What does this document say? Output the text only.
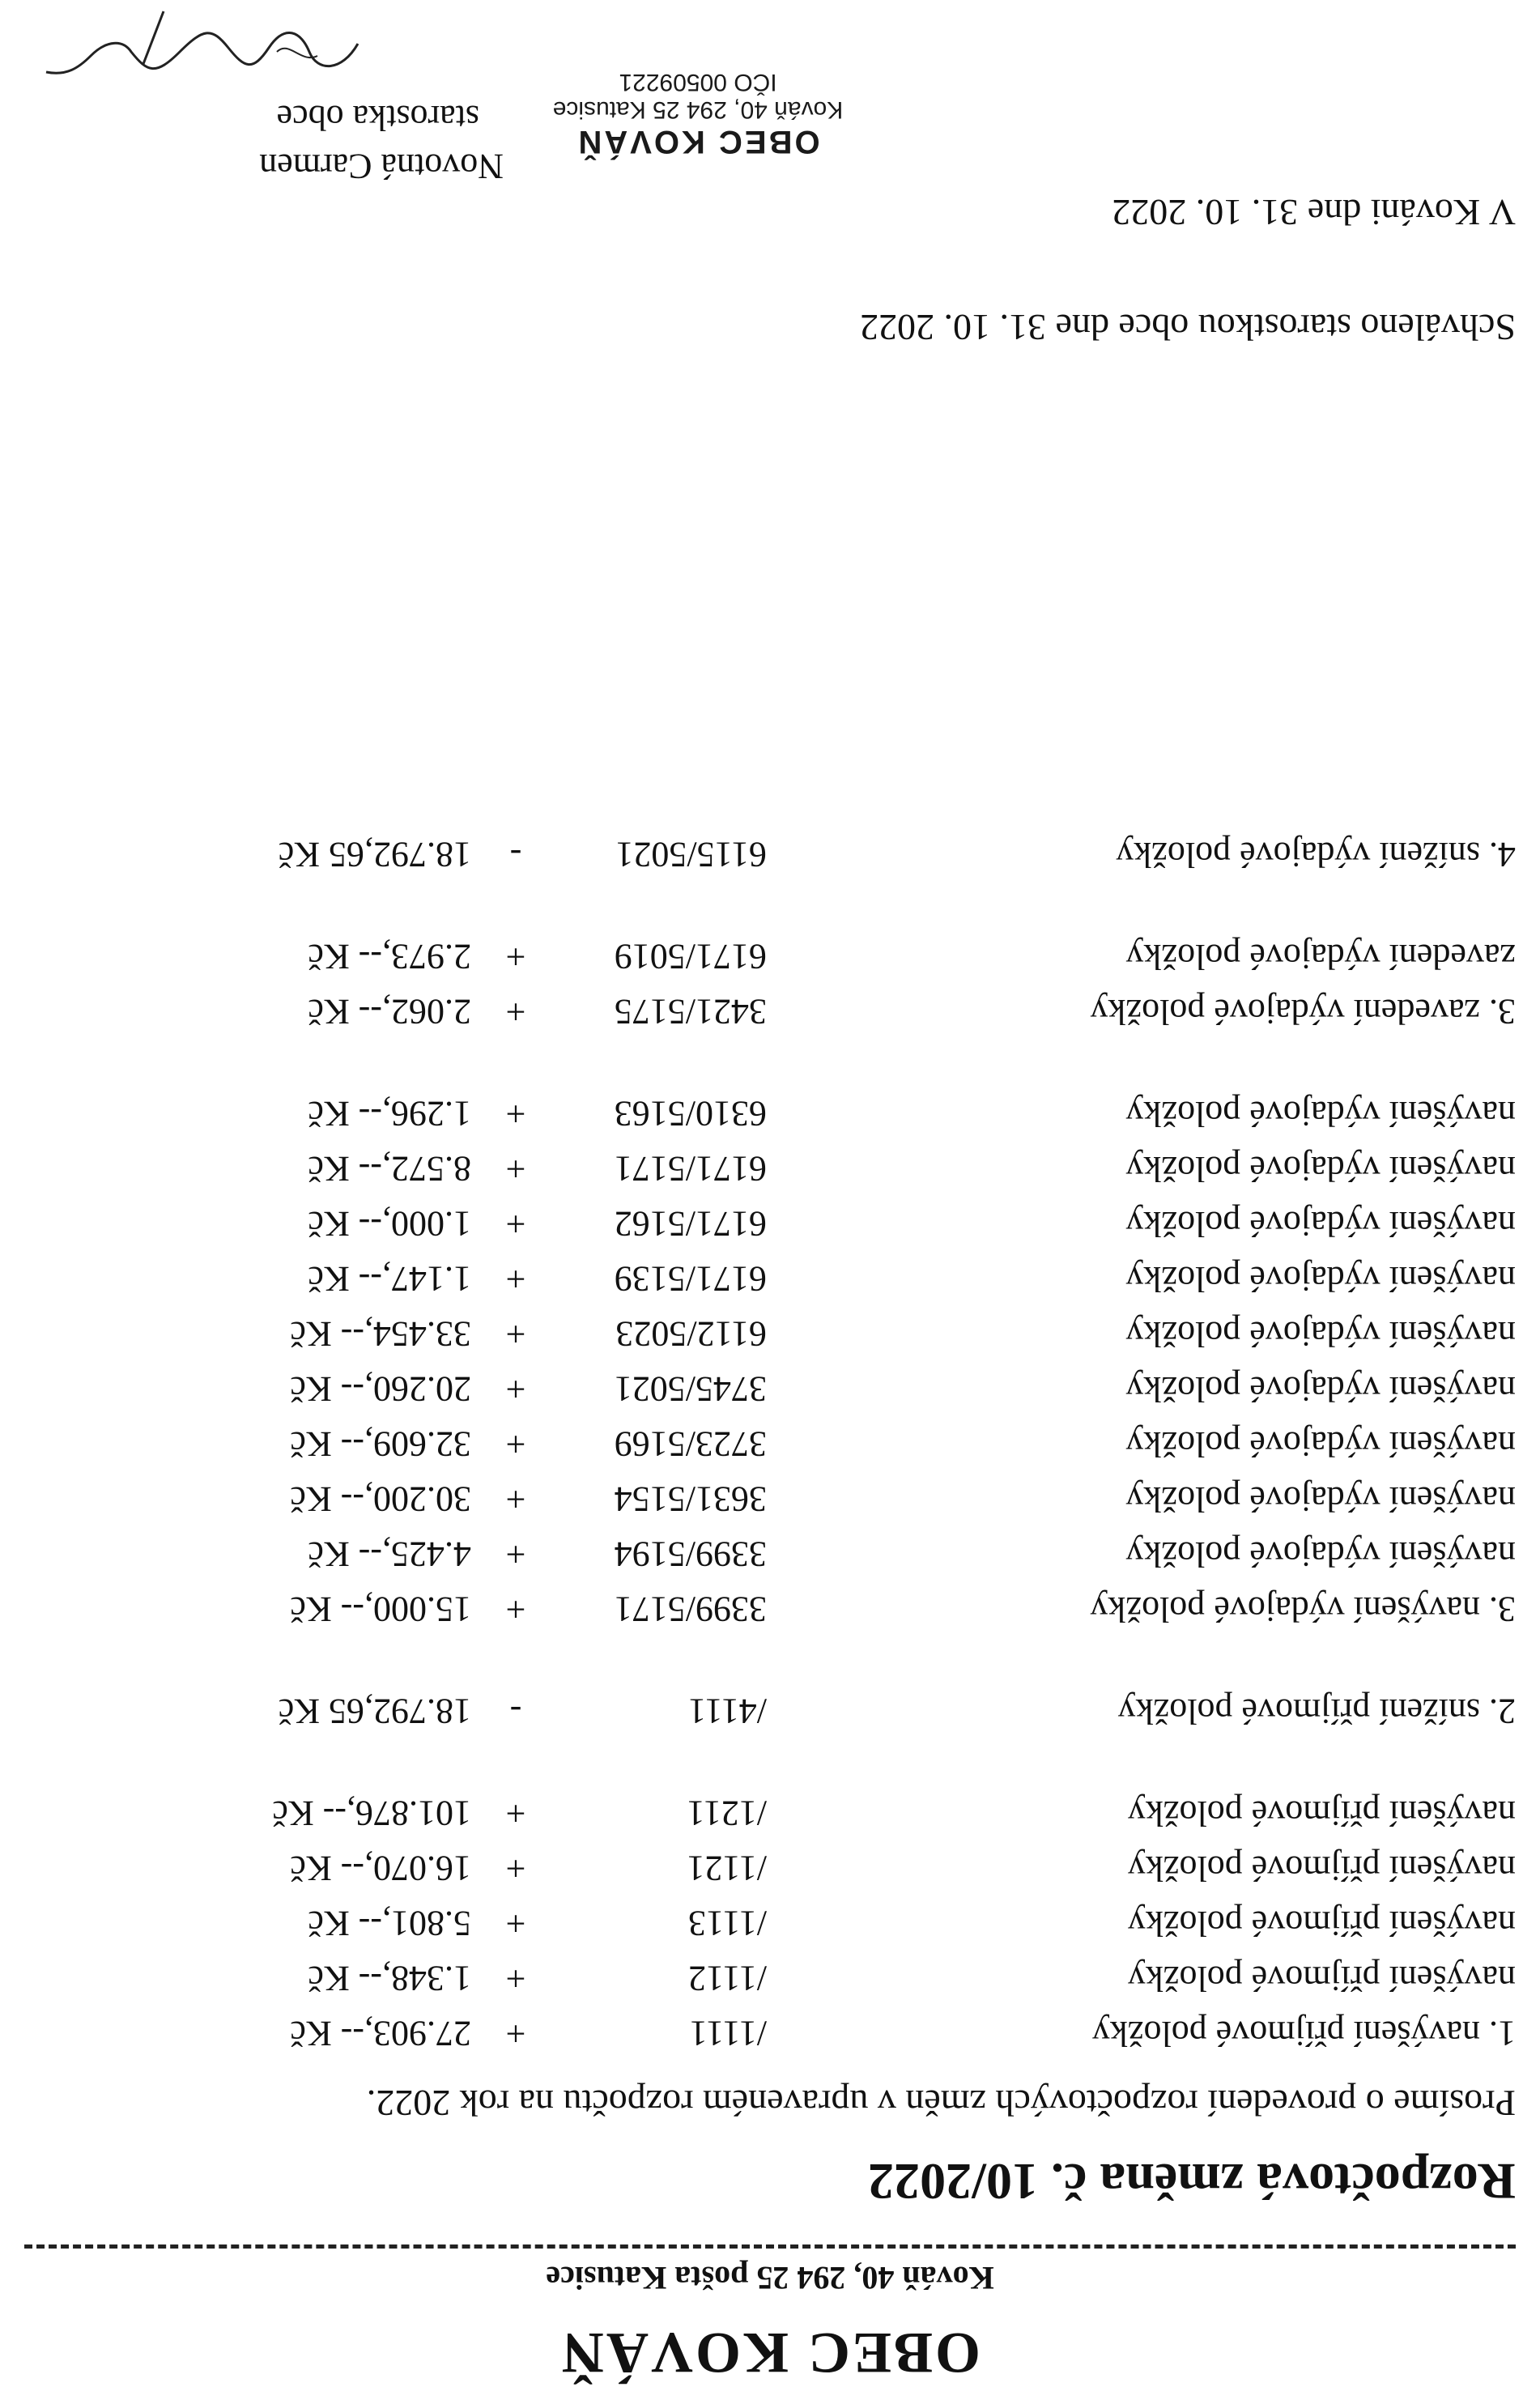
OBEC KOVÁŇ
Kováň 40, 294 25 pošta Katusice
Rozpočtová změna č. 10/2022
Prosíme o provedení rozpočtových změn v upraveném rozpočtu na rok 2022.
1. navýšení příjmové položky
/1111
+
27.903,-- Kč
navýšení příjmové položky
/1112
+
1.348,-- Kč
navýšení příjmové položky
/1113
+
5.801,-- Kč
navýšení příjmové položky
/1121
+
16.070,-- Kč
navýšení příjmové položky
/1211
+
101.876,-- Kč
2. snížení příjmové položky
/4111
-
18.792,65 Kč
3. navýšení výdajové položky
3399/5171
+
15.000,-- Kč
navýšení výdajové položky
3399/5194
+
4.425,-- Kč
navýšení výdajové položky
3631/5154
+
30.200,-- Kč
navýšení výdajové položky
3723/5169
+
32.609,-- Kč
navýšení výdajové položky
3745/5021
+
20.260,-- Kč
navýšení výdajové položky
6112/5023
+
33.454,-- Kč
navýšení výdajové položky
6171/5139
+
1.147,-- Kč
navýšení výdajové položky
6171/5162
+
1.000,-- Kč
navýšení výdajové položky
6171/5171
+
8.572,-- Kč
navýšení výdajové položky
6310/5163
+
1.296,-- Kč
3. zavedení výdajové položky
3421/5175
+
2.062,-- Kč
zavedení výdajové položky
6171/5019
+
2.973,-- Kč
4. snížení výdajové položky
6115/5021
-
18.792,65 Kč
Schváleno starostkou obce dne 31. 10. 2022
V Kováni dne 31. 10. 2022
Novotná Carmen
starostka obce
OBEC KOVÁŇ
Kováň 40, 294 25 Katusice
IČO 00509221
